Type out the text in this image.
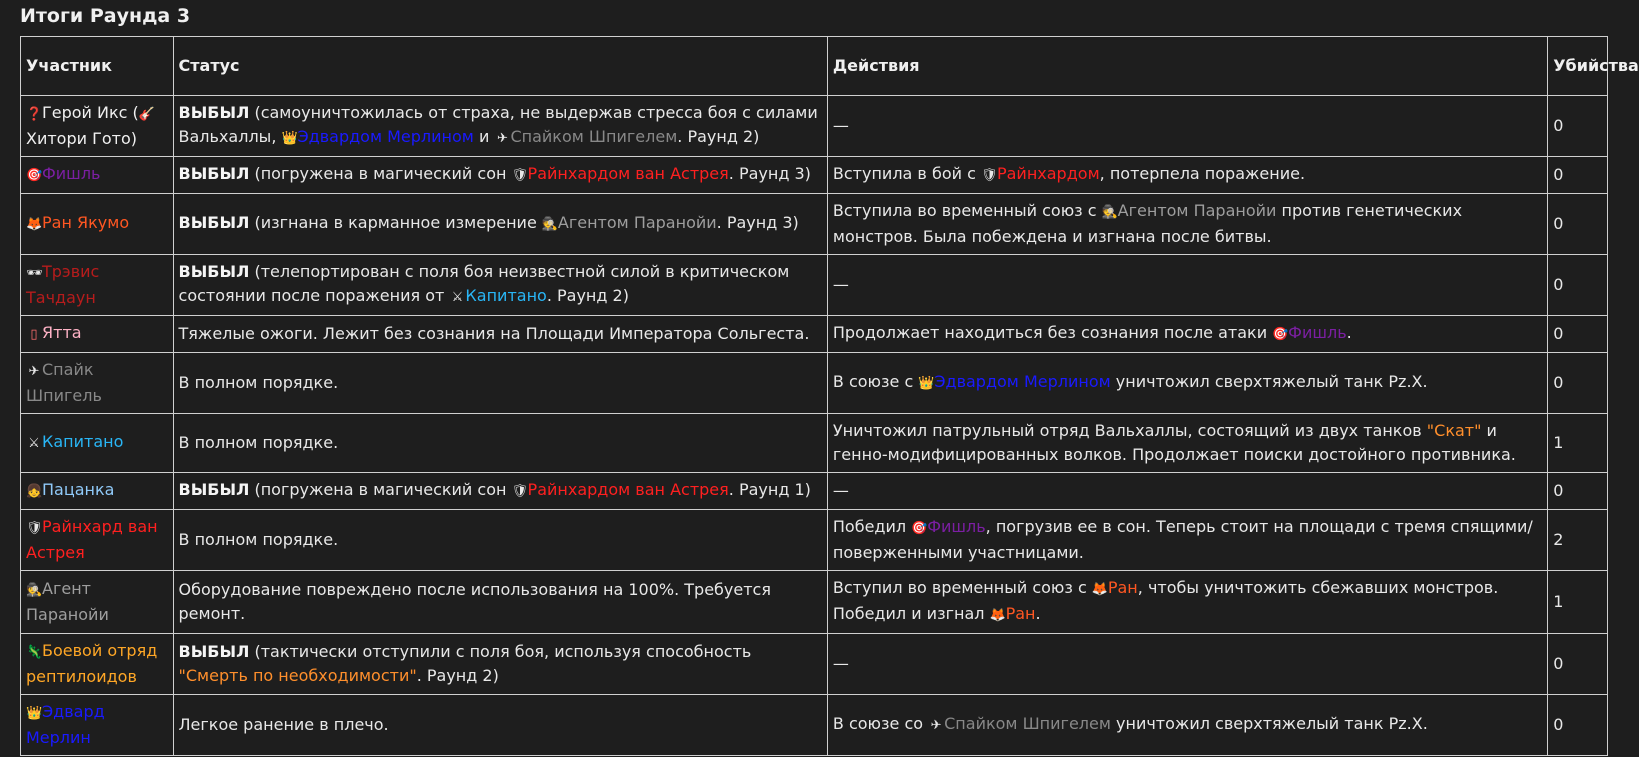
Итоги Раунда 3
Участник	Статус	Действия	Убийства
❓Герой Икс (🎸Хитори Гото)	ВЫБЫЛ (самоуничтожилась от страха, не выдержав стресса боя с силами Вальхаллы, 👑Эдвардом Мерлином и ✈ Спайком Шпигелем. Раунд 2)	—	0
🎯Фишль	ВЫБЫЛ (погружена в магический сон 🛡Райнхардом ван Астрея. Раунд 3)	Вступила в бой с 🛡Райнхардом, потерпела поражение.	0
🦊Ран Якумо	ВЫБЫЛ (изгнана в карманное измерение 🕵Агентом Паранойи. Раунд 3)	Вступила во временный союз с 🕵Агентом Паранойи против генетических монстров. Была побеждена и изгнана после битвы.	0
🕶Трэвис Тачдаун	ВЫБЫЛ (телепортирован с поля боя неизвестной силой в критическом состоянии после поражения от ⚔ Капитано. Раунд 2)	—	0
▯ Ятта	Тяжелые ожоги. Лежит без сознания на Площади Императора Сольгеста.	Продолжает находиться без сознания после атаки 🎯Фишль.	0
✈ Спайк Шпигель	В полном порядке.	В союзе с 👑Эдвардом Мерлином уничтожил сверхтяжелый танк Pz.X.	0
⚔ Капитано	В полном порядке.	Уничтожил патрульный отряд Вальхаллы, состоящий из двух танков "Скат" и генно-модифицированных волков. Продолжает поиски достойного противника.	1
👧Пацанка	ВЫБЫЛ (погружена в магический сон 🛡Райнхардом ван Астрея. Раунд 1)	—	0
🛡Райнхард ван Астрея	В полном порядке.	Победил 🎯Фишль, погрузив ее в сон. Теперь стоит на площади с тремя спящими/поверженными участницами.	2
🕵Агент Паранойи	Оборудование повреждено после использования на 100%. Требуется ремонт.	Вступил во временный союз с 🦊Ран, чтобы уничтожить сбежавших монстров. Победил и изгнал 🦊Ран.	1
🦎Боевой отряд рептилоидов	ВЫБЫЛ (тактически отступили с поля боя, используя способность "Смерть по необходимости". Раунд 2)	—	0
👑Эдвард Мерлин	Легкое ранение в плечо.	В союзе со ✈ Спайком Шпигелем уничтожил сверхтяжелый танк Pz.X.	0
